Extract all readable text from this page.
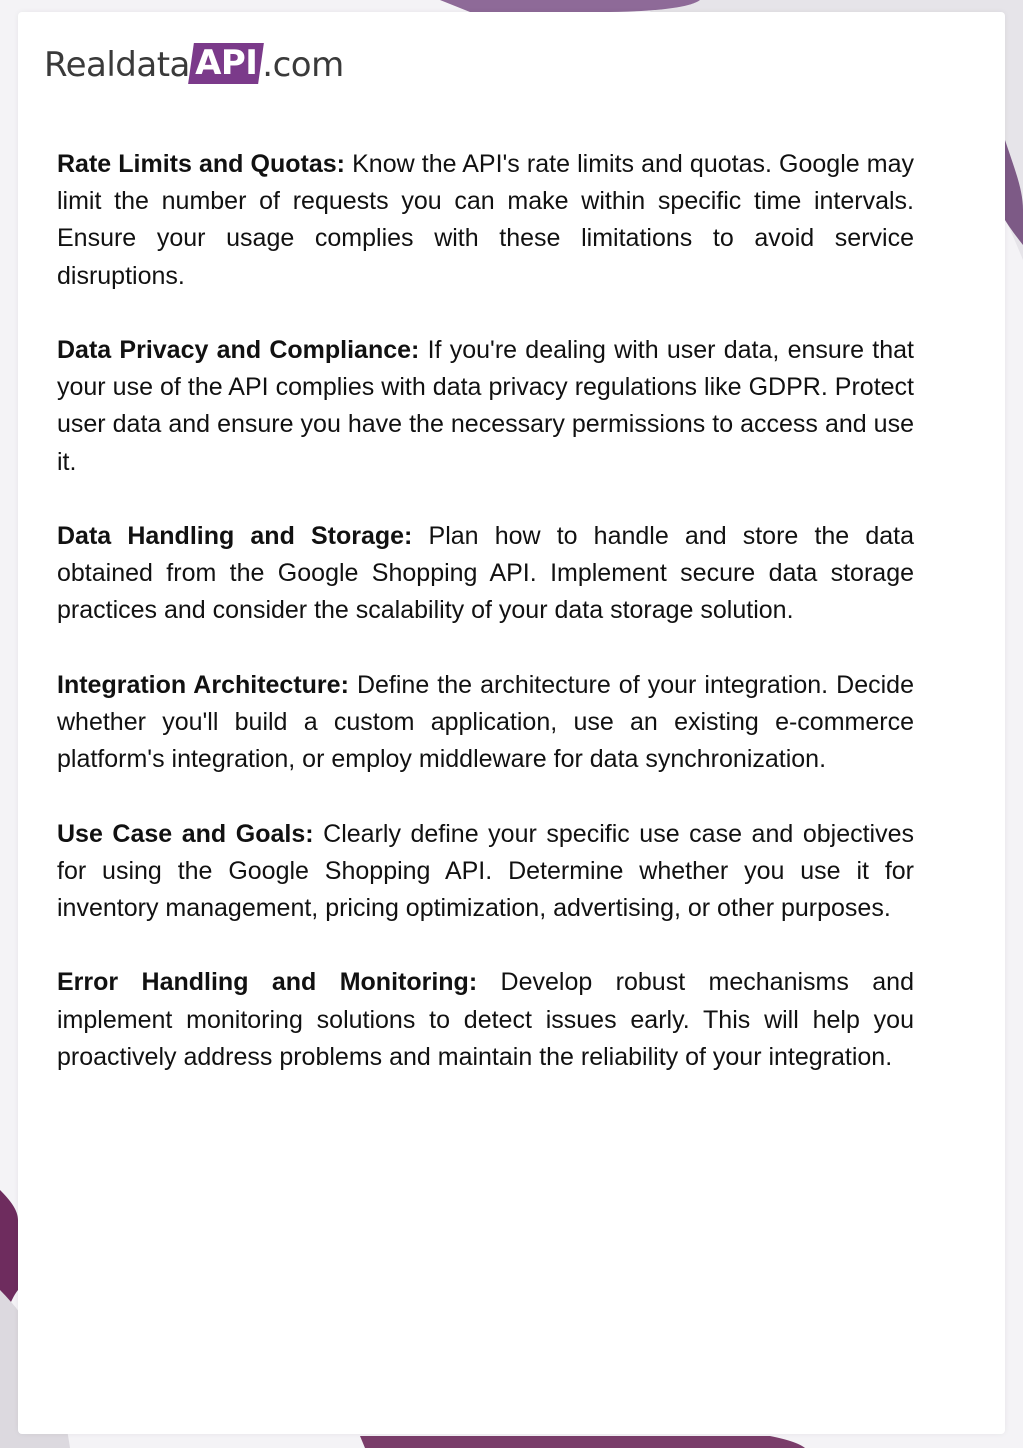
Realdata API .com

Rate Limits and Quotas: Know the API's rate limits and quotas. Google may limit the number of requests you can make within specific time intervals. Ensure your usage complies with these limitations to avoid service disruptions.

Data Privacy and Compliance: If you're dealing with user data, ensure that your use of the API complies with data privacy regulations like GDPR. Protect user data and ensure you have the necessary permissions to access and use it.

Data Handling and Storage: Plan how to handle and store the data obtained from the Google Shopping API. Implement secure data storage practices and consider the scalability of your data storage solution.

Integration Architecture: Define the architecture of your integration. Decide whether you'll build a custom application, use an existing e-commerce platform's integration, or employ middleware for data synchronization.

Use Case and Goals: Clearly define your specific use case and objectives for using the Google Shopping API. Determine whether you use it for inventory management, pricing optimization, advertising, or other purposes.

Error Handling and Monitoring: Develop robust mechanisms and implement monitoring solutions to detect issues early. This will help you proactively address problems and maintain the reliability of your integration.
